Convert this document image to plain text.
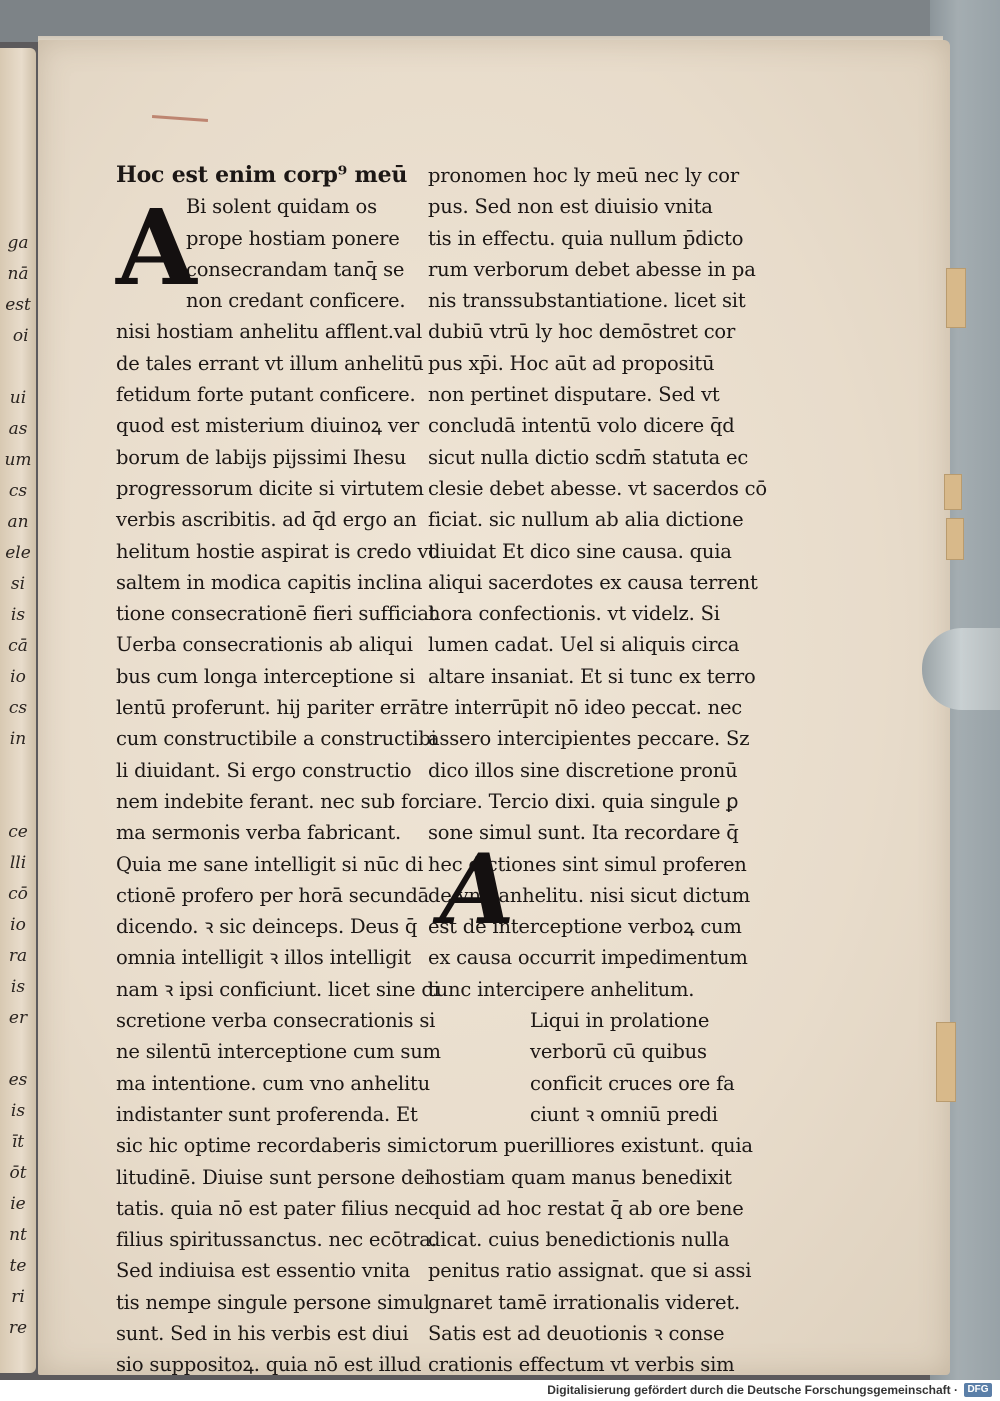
ga
nā
est
oi

ui
as
um
cs
an
ele
si
is
cā
io
cs
in

ce
lli
cō
io
ra
is
er

es
is
īt
ōt
ie
nt
te
ri
re
Hoc est enim corp⁹ meū
Bi solent quidam os
prope hostiam ponere
consecrandam tanq̄ se
non credant conficere.
nisi hostiam anhelitu afflent.val
de tales errant vt illum anhelitū
fetidum forte putant conficere.
quod est misterium diuinoꝝ ver
borum de labijs pijssimi Ihesu
progressorum dicite si virtutem
verbis ascribitis. ad q̄d ergo an
helitum hostie aspirat is credo vt
saltem in modica capitis inclina
tione consecrationē fieri sufficiat
Uerba consecrationis ab aliqui
bus cum longa interceptione si
lentū proferunt. hij pariter errāt
cum constructibile a constructibi
li diuidant. Si ergo constructio
nem indebite ferant. nec sub for
ma sermonis verba fabricant.
Quia me sane intelligit si nūc di
ctionē profero per horā secundā
dicendo. ꝛ sic deinceps. Deus q̄
omnia intelligit ꝛ illos intelligit
nam ꝛ ipsi conficiunt. licet sine di
scretione verba consecrationis si
ne silentū interceptione cum sum
ma intentione. cum vno anhelitu
indistanter sunt proferenda. Et
sic hic optime recordaberis simi
litudinē. Diuise sunt persone dei
tatis. quia nō est pater filius nec
filius spiritussanctus. nec ecōtra.
Sed indiuisa est essentio vnita
tis nempe singule persone simul
sunt. Sed in his verbis est diui
sio suppositoꝝ. quia nō est illud
A
pronomen hoc ly meū nec ly cor
pus. Sed non est diuisio vnita
tis in effectu. quia nullum p̄dicto
rum verborum debet abesse in pa
nis transsubstantiatione. licet sit
dubiū vtrū ly hoc demōstret cor
pus xp̄i. Hoc aūt ad propositū
non pertinet disputare. Sed vt
concludā intentū volo dicere q̄d
sicut nulla dictio scdm̄ statuta ec
clesie debet abesse. vt sacerdos cō
ficiat. sic nullum ab alia dictione
diuidat Et dico sine causa. quia
aliqui sacerdotes ex causa terrent
hora confectionis. vt videlz. Si
lumen cadat. Uel si aliquis circa
altare insaniat. Et si tunc ex terro
re interrūpit nō ideo peccat. nec
assero intercipientes peccare. Sz
dico illos sine discretione pronū
ciare. Tercio dixi. quia singule ꝑ
sone simul sunt. Ita recordare q̄
hec dictiones sint simul proferen
de vno anhelitu. nisi sicut dictum
est de interceptione verboꝝ cum
ex causa occurrit impedimentum
tunc intercipere anhelitum.
Liqui in prolatione
verborū cū quibus
conficit cruces ore fa
ciunt ꝛ omniū predi
ctorum puerilliores existunt. quia
hostiam quam manus benedixit
quid ad hoc restat q̄ ab ore bene
dicat. cuius benedictionis nulla
penitus ratio assignat. que si assi
gnaret tamē irrationalis videret.
Satis est ad deuotionis ꝛ conse
crationis effectum vt verbis sim
A
Digitalisierung gefördert durch die Deutsche Forschungsgemeinschaft · DFG
